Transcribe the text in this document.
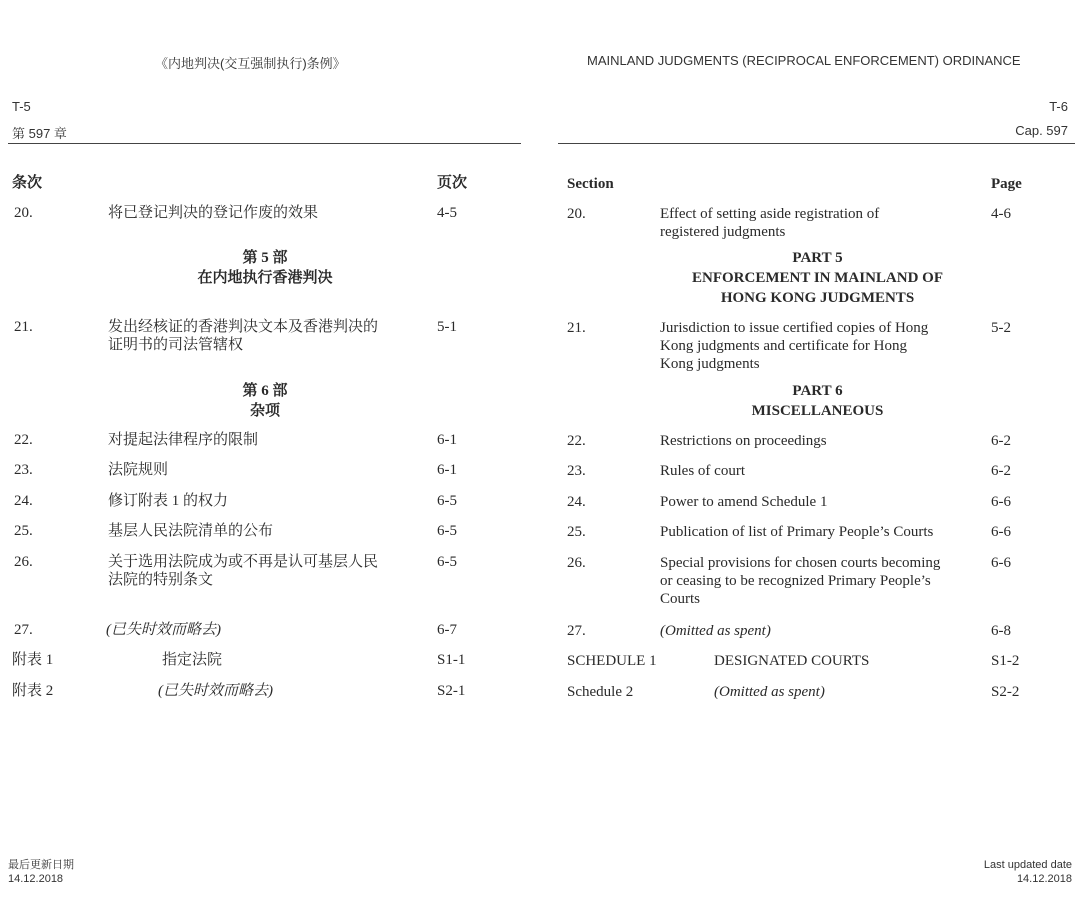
《内地判决(交互强制执行)条例》	MAINLAND JUDGMENTS (RECIPROCAL ENFORCEMENT) ORDINANCE
T-5	T-6
第 597 章	Cap. 597
条次	页次
20.	将已登记判决的登记作废的效果	4-5
第 5 部
在内地执行香港判决
21.	发出经核证的香港判决文本及香港判决的
证明书的司法管辖权
5-1
第 6 部
杂项
22.	对提起法律程序的限制	6-1
23.	法院规则	6-1
24.	修订附表 1 的权力	6-5
25.	基层人民法院清单的公布	6-5
26.	关于选用法院成为或不再是认可基层人民
法院的特别条文
6-5
27.	(已失时效而略去)	6-7
附表 1	指定法院	S1-1
附表 2	(已失时效而略去)	S2-1
Section	Page
20.	Effect of setting aside registration of
registered judgments
4-6
PART 5
ENFORCEMENT IN MAINLAND OF
HONG KONG JUDGMENTS
21.	Jurisdiction to issue certified copies of Hong
Kong judgments and certificate for Hong
Kong judgments
5-2
PART 6
MISCELLANEOUS
22.	Restrictions on proceedings	6-2
23.	Rules of court	6-2
24.	Power to amend Schedule 1	6-6
25.	Publication of list of Primary People’s Courts	6-6
26.	Special provisions for chosen courts becoming
or ceasing to be recognized Primary People’s
Courts
6-6
27.	(Omitted as spent)	6-8
SCHEDULE 1	DESIGNATED COURTS	S1-2
Schedule 2	(Omitted as spent)	S2-2
最后更新日期
14.12.2018
Last updated date
14.12.2018
